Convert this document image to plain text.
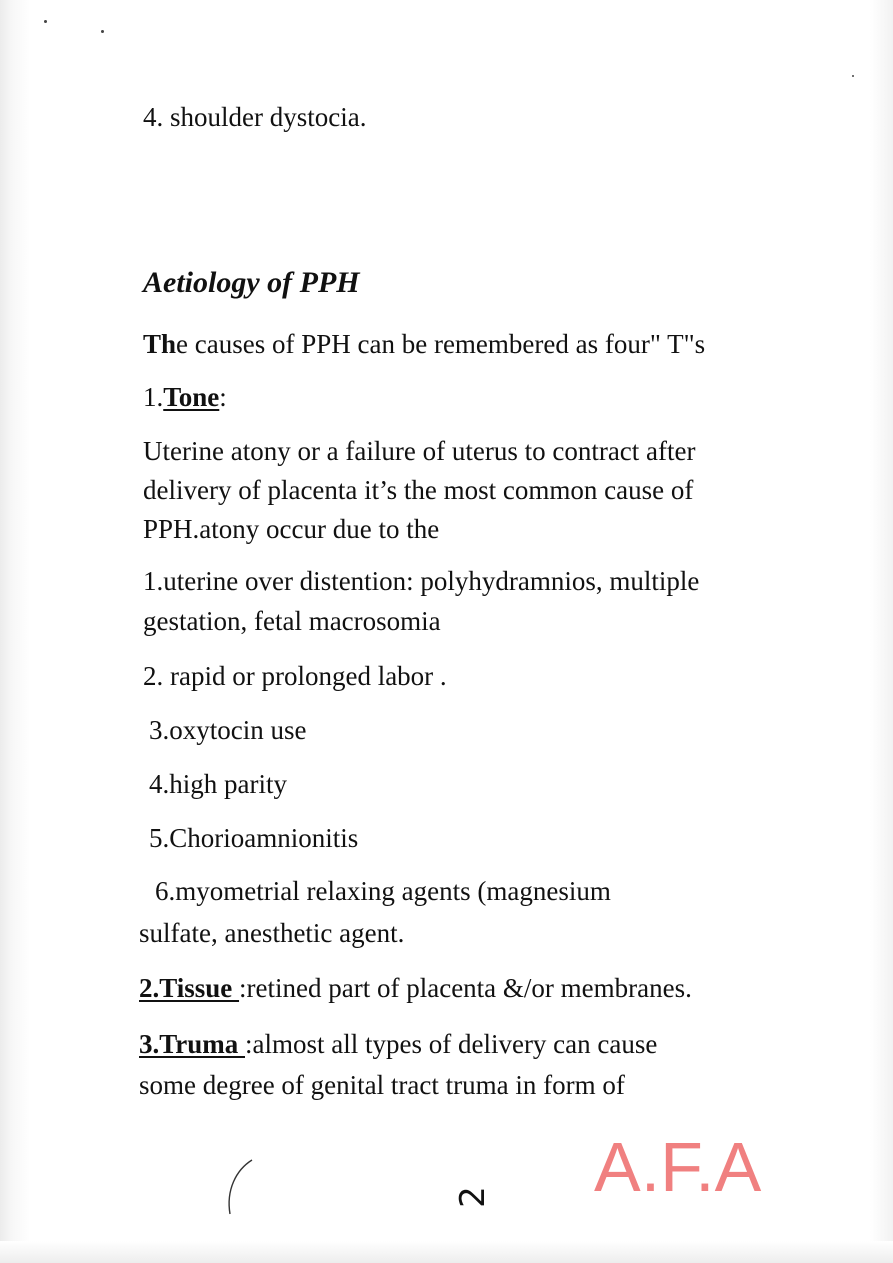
4. shoulder dystocia.
Aetiology of PPH
The causes of PPH can be remembered as four" T"s
1.Tone:
Uterine atony or a failure of uterus to contract after
delivery of placenta it’s the most common cause of
PPH.atony occur due to the
1.uterine over distention: polyhydramnios, multiple
gestation, fetal macrosomia
2. rapid or prolonged labor .
3.oxytocin use
4.high parity
5.Chorioamnionitis
6.myometrial relaxing agents (magnesium
sulfate, anesthetic agent.
2.Tissue :retined part of placenta &/or membranes.
3.Truma :almost all types of delivery can cause
some degree of genital tract truma in form of
2 A.F.A
